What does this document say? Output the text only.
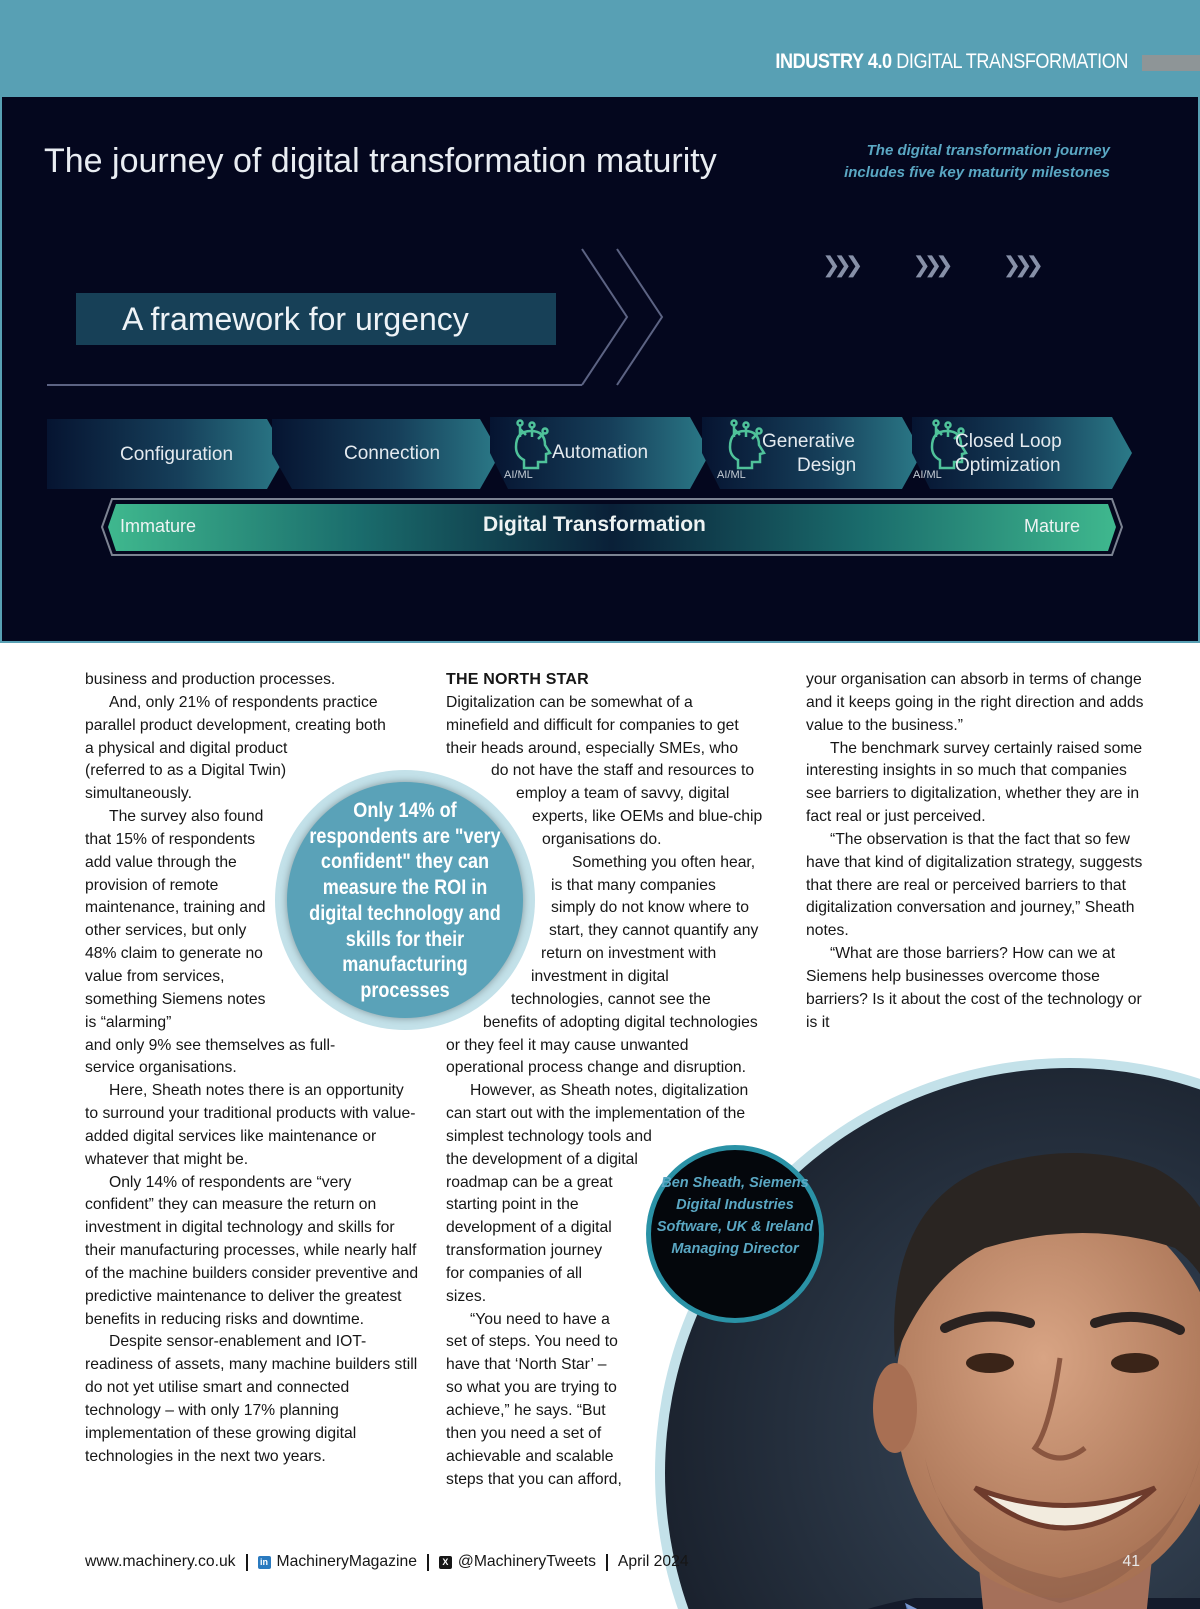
INDUSTRY 4.0 DIGITAL TRANSFORMATION
The journey of digital transformation maturity	The digital transformation journey includes five key maturity milestones
A framework for urgency
❯❯❯	❯❯❯	❯❯❯
Configuration	Connection	Automation
AI/ML
Generative
Design
AI/ML
Closed Loop
Optimization
AI/ML
Immature	Digital Transformation	Mature

business and production processes.

And, only 21% of respondents practice parallel product development, creating both

a physical and digital product

(referred to as a Digital Twin) simultaneously.

The survey also found

that 15% of respondents add value through the provision of remote maintenance, training and other services, but only 48% claim to generate no value from services, something Siemens notes is “alarming”

and only 9% see themselves as full-service organisations.

Here, Sheath notes there is an opportunity to surround your traditional products with value-added digital services like maintenance or whatever that might be.

Only 14% of respondents are “very confident” they can measure the return on investment in digital technology and skills for their manufacturing processes, while nearly half of the machine builders consider preventive and predictive maintenance to deliver the greatest benefits in reducing risks and downtime.

Despite sensor-enablement and IOT-readiness of assets, many machine builders still do not yet utilise smart and connected technology – with only 17% planning implementation of these growing digital technologies in the next two years.

THE NORTH STAR

Digitalization can be somewhat of a
minefield and difficult for companies to get
their heads around, especially SMEs, who
do not have the staff and resources to
employ a team of savvy, digital
experts, like OEMs and blue-chip
organisations do.

Something you often hear,
is that many companies
simply do not know where to
start, they cannot quantify any
return on investment with
investment in digital
technologies, cannot see the
benefits of adopting digital technologies
or they feel it may cause unwanted
operational process change and disruption.

However, as Sheath notes, digitalization
can start out with the implementation of the
simplest technology tools and
the development of a digital
roadmap can be a great
starting point in the
development of a digital
transformation journey
for companies of all
sizes.

“You need to have a
set of steps. You need to
have that ‘North Star’ –
so what you are trying to
achieve,” he says. “But
then you need a set of
achievable and scalable
steps that you can afford,

your organisation can absorb in terms of change and it keeps going in the right direction and adds value to the business.”

The benchmark survey certainly raised some interesting insights in so much that companies see barriers to digitalization, whether they are in fact real or just perceived.

“The observation is that the fact that so few have that kind of digitalization strategy, suggests that there are real or perceived barriers to that digitalization conversation and journey,” Sheath notes.

“What are those barriers? How can we at Siemens help businesses overcome those barriers? Is it about the cost of the technology or

is it

Only 14% of respondents are "very confident" they can measure the ROI in digital technology and skills for their manufacturing processes
Ben Sheath, Siemens Digital Industries Software, UK & Ireland Managing Director
www.machinery.co.uk	in MachineryMagazine	X @MachineryTweets April 2024	41
